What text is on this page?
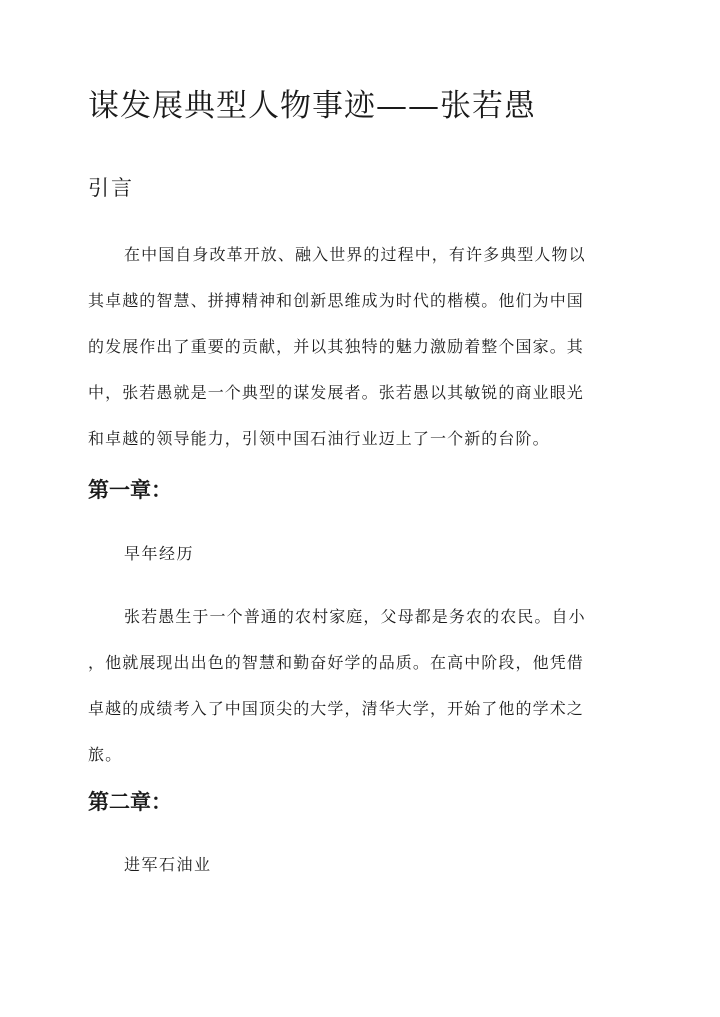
谋发展典型人物事迹——张若愚
引言
在中国自身改革开放、融入世界的过程中，有许多典型人物以
其卓越的智慧、拼搏精神和创新思维成为时代的楷模。他们为中国
的发展作出了重要的贡献，并以其独特的魅力激励着整个国家。其
中，张若愚就是一个典型的谋发展者。张若愚以其敏锐的商业眼光
和卓越的领导能力，引领中国石油行业迈上了一个新的台阶。
第一章：
早年经历
张若愚生于一个普通的农村家庭，父母都是务农的农民。自小
，他就展现出出色的智慧和勤奋好学的品质。在高中阶段，他凭借
卓越的成绩考入了中国顶尖的大学，清华大学，开始了他的学术之
旅。
第二章：
进军石油业
